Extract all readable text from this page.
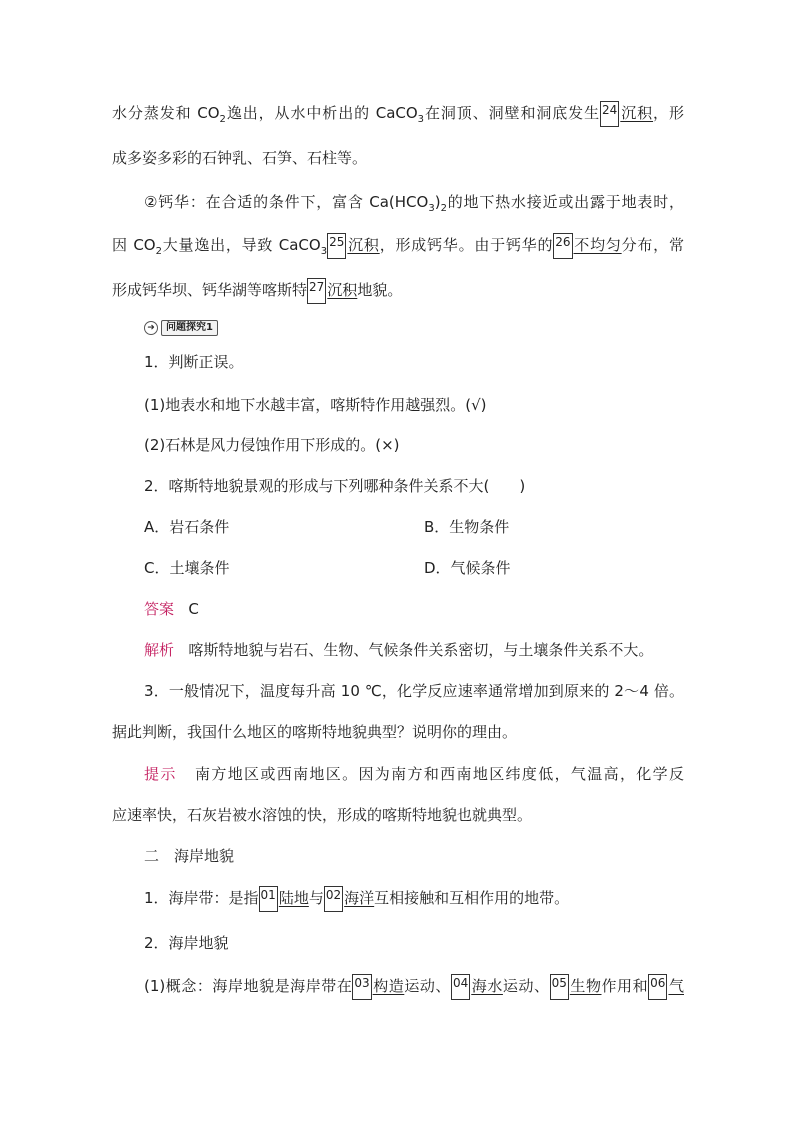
水分蒸发和 $CO_2$逸出，从水中析出的 CaCO$_3$在洞顶、洞壁和洞底发生 24 沉积，形
成多姿多彩的石钟乳、石笋、石柱等。
②钙华：在合适的条件下，富含 $Ca(HCO_3)_2$的地下热水接近或出露于地表时，
因 $CO_2$大量逸出，导致 CaCO$_3$25 沉积，形成钙华。由于钙华的 26 不均匀分布，常
形成钙华坝、钙华湖等喀斯特 27 沉积地貌。
➜	问题探究1
1．判断正误。
(1)地表水和地下水越丰富，喀斯特作用越强烈。(√)
(2)石林是风力侵蚀作用下形成的。(×)
2．喀斯特地貌景观的形成与下列哪种条件关系不大(　　)
A．岩石条件	B．生物条件
C．土壤条件	D．气候条件
答案 C
解析 喀斯特地貌与岩石、生物、气候条件关系密切，与土壤条件关系不大。
3．一般情况下，温度每升高 10 ℃，化学反应速率通常增加到原来的 2～4 倍。
据此判断，我国什么地区的喀斯特地貌典型？说明你的理由。
提示 南方地区或西南地区。因为南方和西南地区纬度低，气温高，化学反
应速率快，石灰岩被水溶蚀的快，形成的喀斯特地貌也就典型。
二　海岸地貌
1．海岸带：是指 01 陆地与 02 海洋互相接触和互相作用的地带。
2．海岸地貌
(1)概念：海岸地貌是海岸带在 03 构造运动、 04 海水运动、 05 生物作用和 06 气
